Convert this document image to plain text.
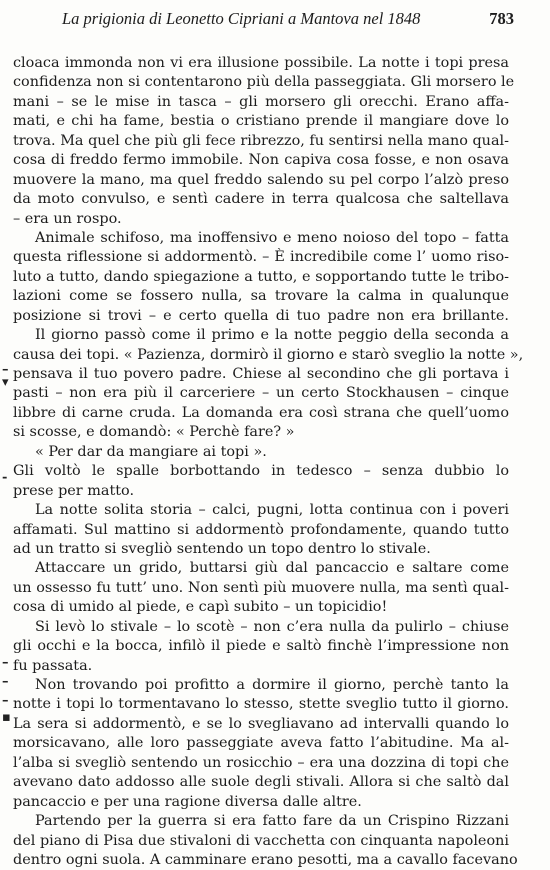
La prigionia di Leonetto Cipriani a Mantova nel 1848	783
cloaca immonda non vi era illusione possibile. La notte i topi presa
confidenza non si contentarono più della passeggiata. Gli morsero le
mani – se le mise in tasca – gli morsero gli orecchi. Erano affa-
mati, e chi ha fame, bestia o cristiano prende il mangiare dove lo
trova. Ma quel che più gli fece ribrezzo, fu sentirsi nella mano qual-
cosa di freddo fermo immobile. Non capiva cosa fosse, e non osava
muovere la mano, ma quel freddo salendo su pel corpo l’alzò preso
da moto convulso, e sentì cadere in terra qualcosa che saltellava
– era un rospo.
Animale schifoso, ma inoffensivo e meno noioso del topo – fatta
questa riflessione si addormentò. – È incredibile come l’ uomo riso-
luto a tutto, dando spiegazione a tutto, e sopportando tutte le tribo-
lazioni come se fossero nulla, sa trovare la calma in qualunque
posizione si trovi – e certo quella di tuo padre non era brillante.
Il giorno passò come il primo e la notte peggio della seconda a
causa dei topi. « Pazienza, dormirò il giorno e starò sveglio la notte »,
pensava il tuo povero padre. Chiese al secondino che gli portava i
pasti – non era più il carceriere – un certo Stockhausen – cinque
libbre di carne cruda. La domanda era così strana che quell’uomo
si scosse, e domandò: « Perchè fare? »
« Per dar da mangiare ai topi ».
Gli voltò le spalle borbottando in tedesco – senza dubbio lo
prese per matto.
La notte solita storia – calci, pugni, lotta continua con i poveri
affamati. Sul mattino si addormentò profondamente, quando tutto
ad un tratto si svegliò sentendo un topo dentro lo stivale.
Attaccare un grido, buttarsi giù dal pancaccio e saltare come
un ossesso fu tutt’ uno. Non sentì più muovere nulla, ma sentì qual-
cosa di umido al piede, e capì subito – un topicidio!
Si levò lo stivale – lo scotè – non c’era nulla da pulirlo – chiuse
gli occhi e la bocca, infilò il piede e saltò finchè l’impressione non
fu passata.
Non trovando poi profitto a dormire il giorno, perchè tanto la
notte i topi lo tormentavano lo stesso, stette sveglio tutto il giorno.
La sera si addormentò, e se lo svegliavano ad intervalli quando lo
morsicavano, alle loro passeggiate aveva fatto l’abitudine. Ma al-
l’alba si svegliò sentendo un rosicchio – era una dozzina di topi che
avevano dato addosso alle suole degli stivali. Allora si che saltò dal
pancaccio e per una ragione diversa dalle altre.
Partendo per la guerra si era fatto fare da un Crispino Rizzani
del piano di Pisa due stivaloni di vacchetta con cinquanta napoleoni
dentro ogni suola. A camminare erano pesotti, ma a cavallo facevano
–
▾
‐
–
–
–
▪
